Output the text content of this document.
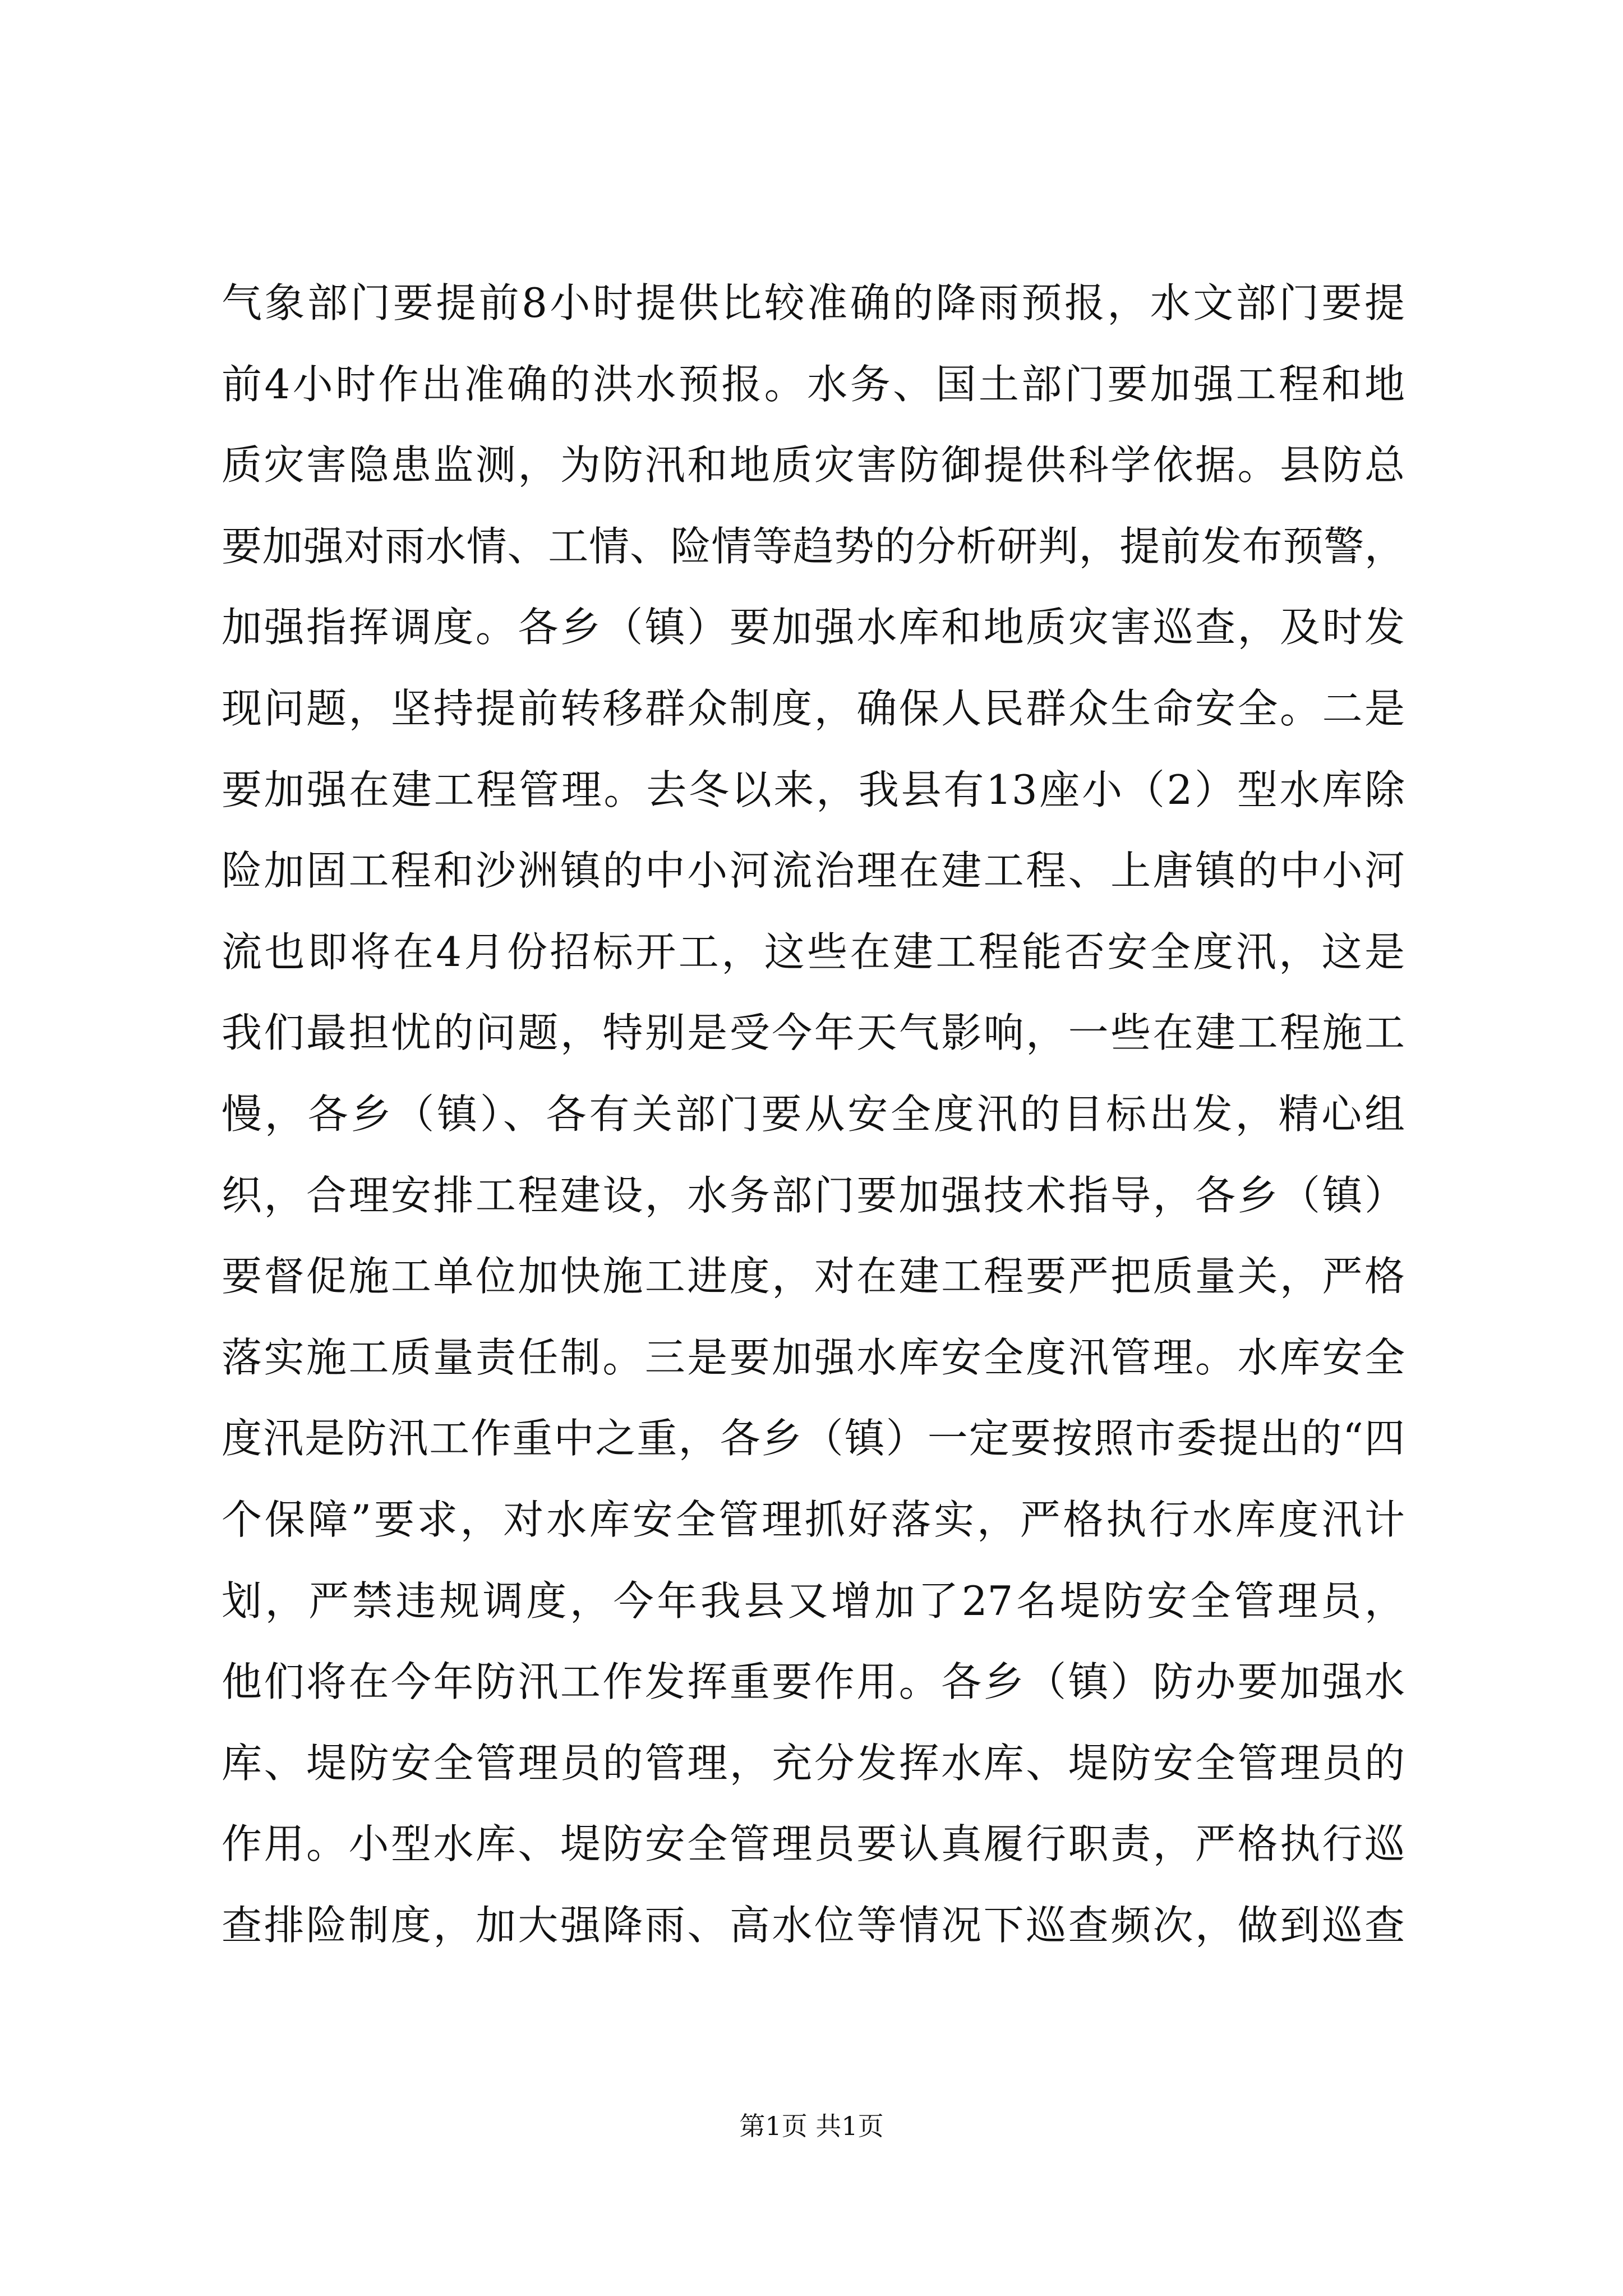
气象部门要提前8小时提供比较准确的降雨预报，水文部门要提
前4小时作出准确的洪水预报。水务、国土部门要加强工程和地
质灾害隐患监测，为防汛和地质灾害防御提供科学依据。县防总
要加强对雨水情、工情、险情等趋势的分析研判，提前发布预警，
加强指挥调度。各乡（镇）要加强水库和地质灾害巡查，及时发
现问题，坚持提前转移群众制度，确保人民群众生命安全。二是
要加强在建工程管理。去冬以来，我县有13座小（2）型水库除
险加固工程和沙洲镇的中小河流治理在建工程、上唐镇的中小河
流也即将在4月份招标开工，这些在建工程能否安全度汛，这是
我们最担忧的问题，特别是受今年天气影响，一些在建工程施工
慢，各乡（镇）、各有关部门要从安全度汛的目标出发，精心组
织，合理安排工程建设，水务部门要加强技术指导，各乡（镇）
要督促施工单位加快施工进度，对在建工程要严把质量关，严格
落实施工质量责任制。三是要加强水库安全度汛管理。水库安全
度汛是防汛工作重中之重，各乡（镇）一定要按照市委提出的“四
个保障”要求，对水库安全管理抓好落实，严格执行水库度汛计
划，严禁违规调度，今年我县又增加了27名堤防安全管理员，
他们将在今年防汛工作发挥重要作用。各乡（镇）防办要加强水
库、堤防安全管理员的管理，充分发挥水库、堤防安全管理员的
作用。小型水库、堤防安全管理员要认真履行职责，严格执行巡
查排险制度，加大强降雨、高水位等情况下巡查频次，做到巡查
第1页 共1页
